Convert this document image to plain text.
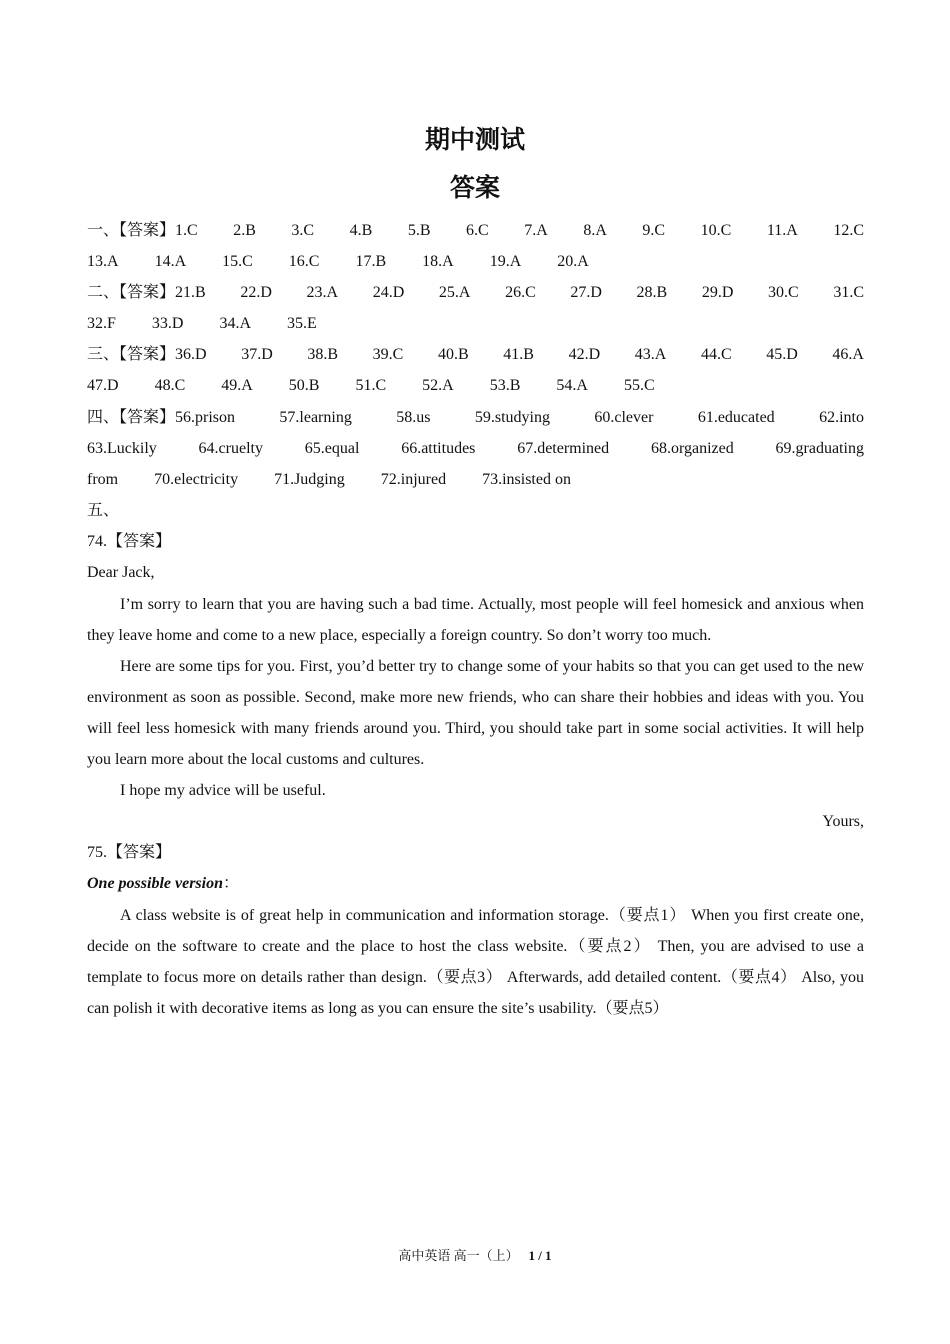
期中测试
答案
一、【答案】1.C 2.B 3.C 4.B 5.B 6.C 7.A 8.A 9.C 10.C 11.A 12.C
13.A 14.A 15.C 16.C 17.B 18.A 19.A 20.A
二、【答案】21.B 22.D 23.A 24.D 25.A 26.C 27.D 28.B 29.D 30.C 31.C
32.F 33.D 34.A 35.E
三、【答案】36.D 37.D 38.B 39.C 40.B 41.B 42.D 43.A 44.C 45.D 46.A
47.D 48.C 49.A 50.B 51.C 52.A 53.B 54.A 55.C
四、【答案】56.prison	57.learning	58.us	59.studying	60.clever	61.educated	62.into
63.Luckily	64.cruelty	65.equal	66.attitudes	67.determined	68.organized	69.graduating
from 70.electricity 71.Judging 72.injured 73.insisted on
五、
74.【答案】
Dear Jack,
I’m sorry to learn that you are having such a bad time. Actually, most people will feel homesick and anxious when they leave home and come to a new place, especially a foreign country. So don’t worry too much.
Here are some tips for you. First, you’d better try to change some of your habits so that you can get used to the new environment as soon as possible. Second, make more new friends, who can share their hobbies and ideas with you. You will feel less homesick with many friends around you. Third, you should take part in some social activities. It will help you learn more about the local customs and cultures.
I hope my advice will be useful.
Yours,
75.【答案】
One possible version：
A class website is of great help in communication and information storage.（要点1） When you first create one, decide on the software to create and the place to host the class website.（要点2） Then, you are advised to use a template to focus more on details rather than design.（要点3） Afterwards, add detailed content.（要点4） Also, you can polish it with decorative items as long as you can ensure the site’s usability.（要点5）
高中英语 高一（上） 1 / 1
